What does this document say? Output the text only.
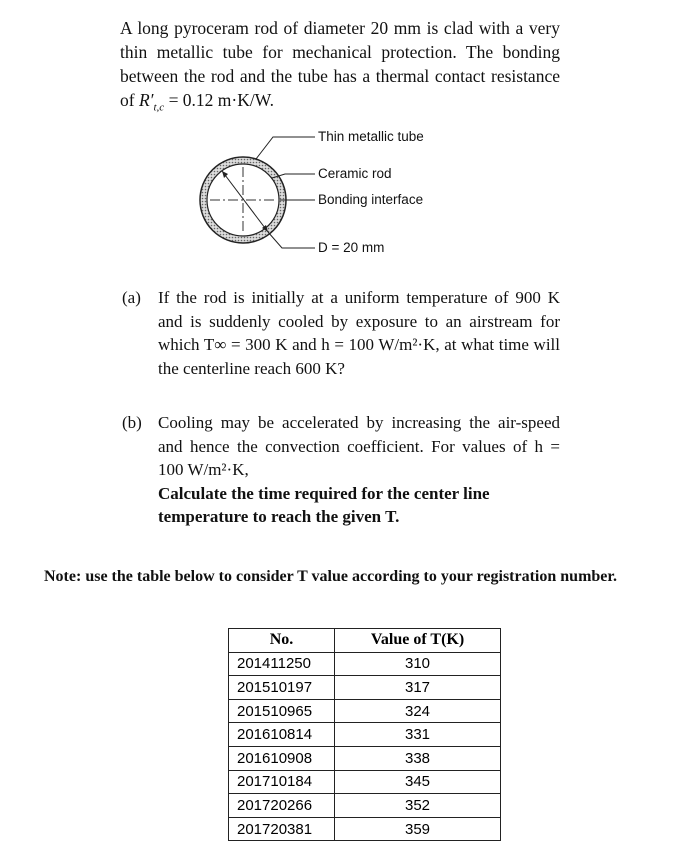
A long pyroceram rod of diameter 20 mm is clad with a very thin metallic tube for mechanical protection. The bonding between the rod and the tube has a thermal contact resistance of $R'_{t,c} = 0.12$ m·K/W.
Thin metallic tube
Ceramic rod
Bonding interface
D = 20 mm
(a) If the rod is initially at a uniform temperature of 900 K and is suddenly cooled by exposure to an airstream for which T∞ = 300 K and h = 100 W/m²·K, at what time will the centerline reach 600 K?
(b) Cooling may be accelerated by increasing the air-speed and hence the convection coefficient. For values of h = 100 W/m²·K,
Calculate the time required for the center line temperature to reach the given T.
Note: use the table below to consider T value according to your registration number.
No.	Value of T(K)
201411250	310
201510197	317
201510965	324
201610814	331
201610908	338
201710184	345
201720266	352
201720381	359
